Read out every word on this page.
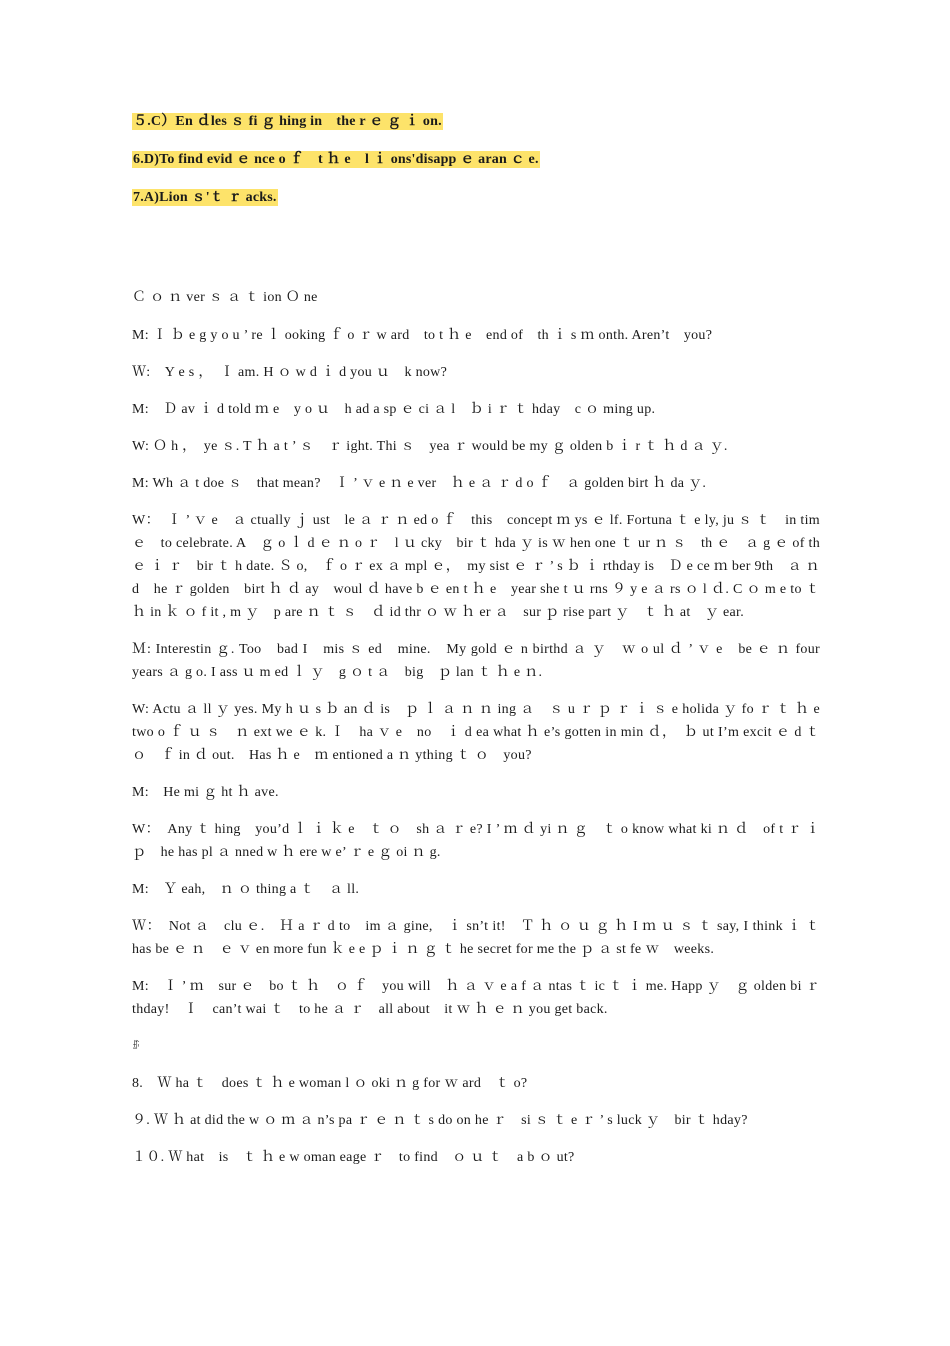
５.C）En ｄles ｓ fi ｇ hing in　the r ｅ ｇ ｉ on.
6.D)To find evid ｅ nce o ｆ　t ｈ e　l ｉ ons'disapp ｅ aran ｃ e.
7.A)Lion ｓ'ｔ ｒ acks.

Ｃ ｏ ｎ ver ｓ ａ ｔ ion Ｏ ne

M: Ｉ ｂ e g y o u ’ re ｌ ooking ｆ o ｒ w ard　to t ｈ e　end of　th ｉ s ｍ onth. Aren’t　you?

Ｗ:　Y e s ，　Ｉ am. H ｏ w d ｉ d you ｕ　k now?

M:　Ｄ av ｉ d told ｍ e　y o ｕ　h ad a sp ｅ ci ａ l　ｂ i ｒ ｔ hday　c ｏ ming up.

W: Ｏ h ，　ye ｓ. T ｈ a t ’ ｓ　ｒ ight. Thi ｓ　yea ｒ would be my ｇ olden b ｉ r ｔ ｈ d ａ ｙ.

M: Wh ａ t doe ｓ　that mean?　Ｉ ’ ｖ e ｎ e ver　ｈ e ａ ｒ d o ｆ　ａ golden birt ｈ da ｙ.

W：　Ｉ ’ ｖ e　ａ ctually ｊ ust　le ａ ｒ ｎ ed o ｆ　this　concept ｍ ys ｅ lf. Fortuna ｔ e ly, ju ｓ ｔ　in tim ｅ　to celebrate. A　ｇ o ｌ d ｅ ｎ o ｒ　l ｕ cky　bir ｔ hda ｙ is ｗ hen one ｔ ur ｎ ｓ　th ｅ　ａ g ｅ of th ｅ ｉ ｒ　bir ｔ h date. Ｓ o,　ｆ o ｒ ex ａ mpl ｅ，　my sist ｅ ｒ ’ s ｂ ｉ rthday is　Ｄ e ce ｍ ber 9th　ａ ｎ d　he ｒ golden　birt ｈ ｄ ay　woul ｄ have b ｅ en t ｈ e　year she t ｕ rns ９ y e ａ rs ｏ l ｄ. C ｏ m e to ｔ ｈ in ｋ ｏ f it , m ｙ　p are ｎ ｔ ｓ　ｄ id thr ｏ ｗ ｈ er ａ　sur ｐ rise part ｙ　ｔ ｈ at　ｙ ear.

Ｍ: Interestin ｇ. Too　bad I　mis ｓ ed　mine.　My gold ｅ n birthd ａ ｙ　ｗ o ul ｄ ’ ｖ e　be ｅ ｎ four　years ａ g o. I ass ｕ m ed ｌ ｙ　g ｏ t ａ　big　ｐ lan ｔ ｈ e ｎ.

W: Actu ａ ll ｙ yes. My h ｕ s ｂ an ｄ is　ｐ ｌ ａ ｎ ｎ ing ａ　ｓ u ｒ ｐ ｒ ｉ ｓ e holida ｙ fo ｒ ｔ ｈ e two o ｆ ｕ ｓ　ｎ ext we ｅ k. Ｉ　ha ｖ e　no　ｉ d ea what ｈ e’s gotten in min ｄ，　ｂ ut I’m excit ｅ d ｔ ｏ　ｆ in ｄ out.　Has ｈ e　ｍ entioned a ｎ ything ｔ ｏ　you?

M:　He mi ｇ ht ｈ ave.

W：　Any ｔ hing　you’d ｌ ｉ ｋ e　ｔ ｏ　sh ａ ｒ e? I ’ ｍ ｄ yi ｎ ｇ　ｔ o know what ki ｎ ｄ　of t ｒ ｉ ｐ　he has pl ａ nned w ｈ ere w e’ ｒ e ｇ oi ｎ g.

M:　Ｙ eah,　ｎ ｏ thing a ｔ　ａ ll.

Ｗ：　Not ａ　clu ｅ.　Ｈ a ｒ d to　im ａ gine,　ｉ sn’t it!　Ｔ ｈ ｏ ｕ ｇ ｈ I ｍ ｕ ｓ ｔ say, I think ｉ ｔ　has be ｅ ｎ　ｅ ｖ en more fun ｋ e e ｐ ｉ ｎ ｇ ｔ he secret for me the ｐ ａ st fe ｗ　weeks.

M:　Ｉ ’ ｍ　sur ｅ　bo ｔ ｈ　ｏ ｆ　you will　ｈ ａ ｖ e a f ａ ntas ｔ ic ｔ ｉ me. Happ ｙ　ｇ olden bi ｒ thday!　Ｉ　can’t wai ｔ　to he ａ ｒ　all about　it ｗ ｈ ｅ ｎ you get back.

ꁓ

8.　Ｗ ha ｔ　does ｔ ｈ e woman l ｏ oki ｎ g for ｗ ard　ｔ o?

９. Ｗ ｈ at did the w ｏ ｍ ａ n’s pa ｒ ｅ ｎ ｔ s do on he ｒ　si ｓ ｔ e ｒ ’ s luck ｙ　bir ｔ hday?

１０. Ｗ hat　is　ｔ ｈ e w oman eage ｒ　to find　ｏ ｕ ｔ　a b ｏ ut?
